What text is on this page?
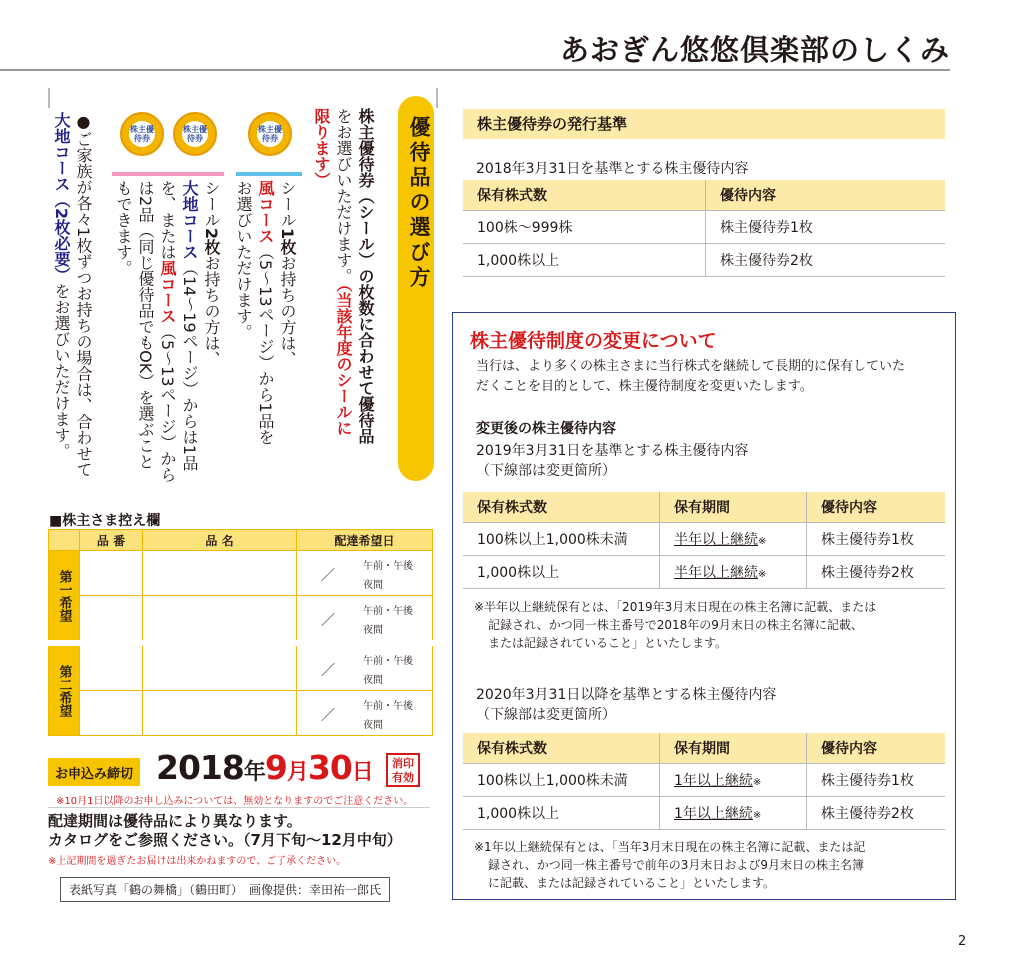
あおぎん悠悠倶楽部のしくみ
優待品の選び方
株主優待券（シール）の枚数に合わせて優待品
をお選びいただけます。（当該年度のシールに
限ります）
株主優待券
シール1枚お持ちの方は、
風コース（5～13ページ）から1品を
お選びいただけます。
株主優待券
株主優待券
シール2枚お持ちの方は、
大地コース（14～19ページ）からは1品
を、または風コース（5～13ページ）から
は2品（同じ優待品でもOK）を選ぶこと
もできます。
●ご家族が各々1枚ずつお持ちの場合は、合わせて
大地コース（2枚必要）をお選びいただけます。
■株主さま控え欄
	品 番	品 名	配達希望日
第一希望			／
午前・午後
夜間

			／
午前・午後
夜間

第二希望			／
午前・午後
夜間

			／
午前・午後
夜間
お申込み締切 2018年9月30日	消印
有効
※10月1日以降のお申し込みについては、無効となりますのでご注意ください。
配達期間は優待品により異なります。
カタログをご参照ください。（7月下旬～12月中旬）
※上記期間を過ぎたお届けは出来かねますので、ご了承ください。
表紙写真「鶴の舞橋」（鶴田町）　画像提供：幸田祐一郎氏
株主優待券の発行基準
2018年3月31日を基準とする株主優待内容
保有株式数	優待内容
100株～999株	株主優待券1枚
1,000株以上	株主優待券2枚
株主優待制度の変更について
当行は、より多くの株主さまに当行株式を継続して長期的に保有していた
だくことを目的として、株主優待制度を変更いたします。
変更後の株主優待内容
2019年3月31日を基準とする株主優待内容
（下線部は変更箇所）
保有株式数	保有期間	優待内容
100株以上1,000株未満	半年以上継続※	株主優待券1枚
1,000株以上	半年以上継続※	株主優待券2枚
※半年以上継続保有とは、「2019年3月末日現在の株主名簿に記載、または
記録され、かつ同一株主番号で2018年の9月末日の株主名簿に記載、
または記録されていること」といたします。
2020年3月31日以降を基準とする株主優待内容
（下線部は変更箇所）
保有株式数	保有期間	優待内容
100株以上1,000株未満	1年以上継続※	株主優待券1枚
1,000株以上	1年以上継続※	株主優待券2枚
※1年以上継続保有とは、「当年3月末日現在の株主名簿に記載、または記
録され、かつ同一株主番号で前年の3月末日および9月末日の株主名簿
に記載、または記録されていること」といたします。
2
